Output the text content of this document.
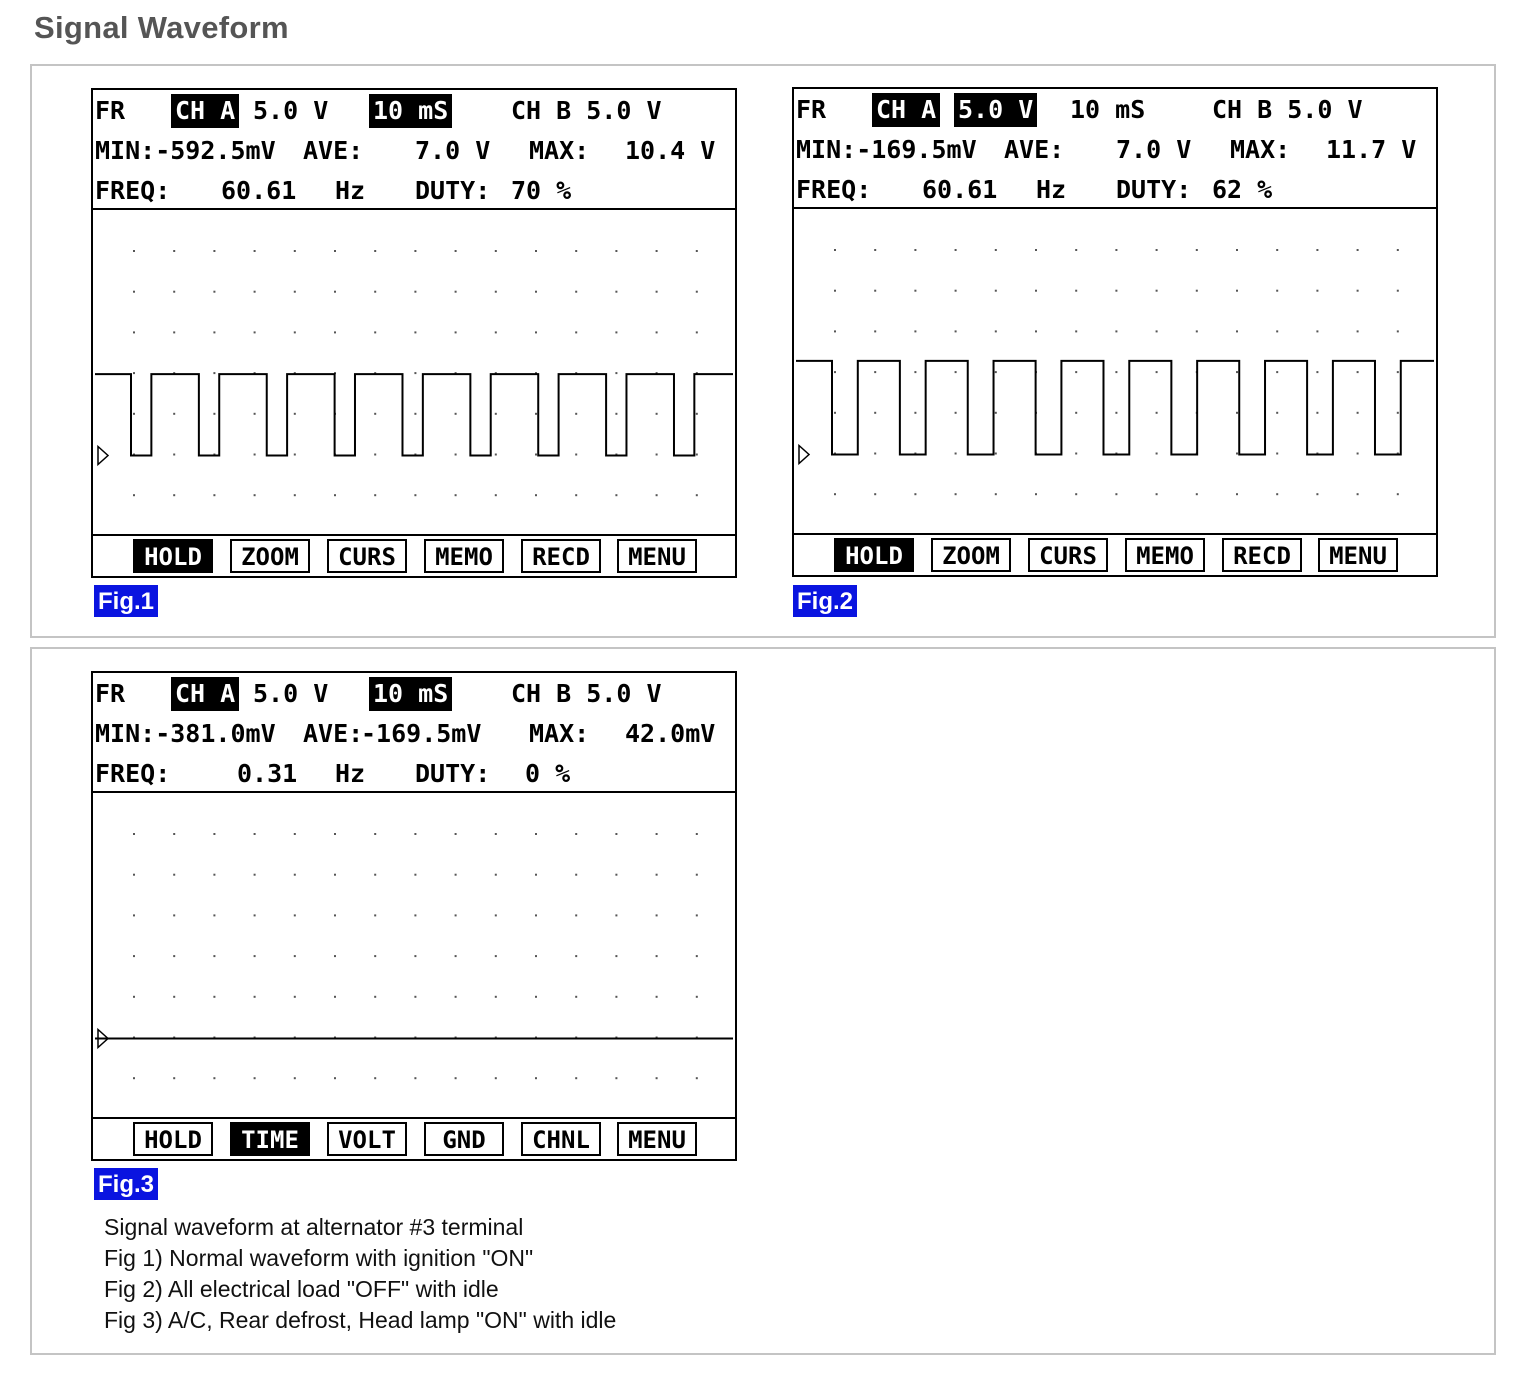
Signal Waveform

FR

CH A

5.0 V

10 mS

	CH B 5.0 V

MIN:-592.5mV

AVE:

7.0 V

MAX:

10.4 V

FREQ:

60.61

Hz

DUTY:

70 %

HOLD	ZOOM	CURS	MEMO	RECD	MENU

FR

CH A

5.0 V

10 mS

	CH B 5.0 V

MIN:-169.5mV

AVE:

7.0 V

MAX:

11.7 V

FREQ:

60.61

Hz

DUTY:

62 %

HOLD	ZOOM	CURS	MEMO	RECD	MENU

FR

CH A

5.0 V

10 mS

	CH B 5.0 V

MIN:-381.0mV

AVE:

-169.5mV

MAX:

42.0mV

FREQ:

	0.31

Hz

DUTY:

0 %

HOLD	TIME	VOLT	GND	CHNL	MENU
Fig.1	Fig.2
Fig.3
Signal waveform at alternator #3 terminal
Fig 1) Normal waveform with ignition "ON"
Fig 2) All electrical load "OFF" with idle
Fig 3) A/C, Rear defrost, Head lamp "ON" with idle
